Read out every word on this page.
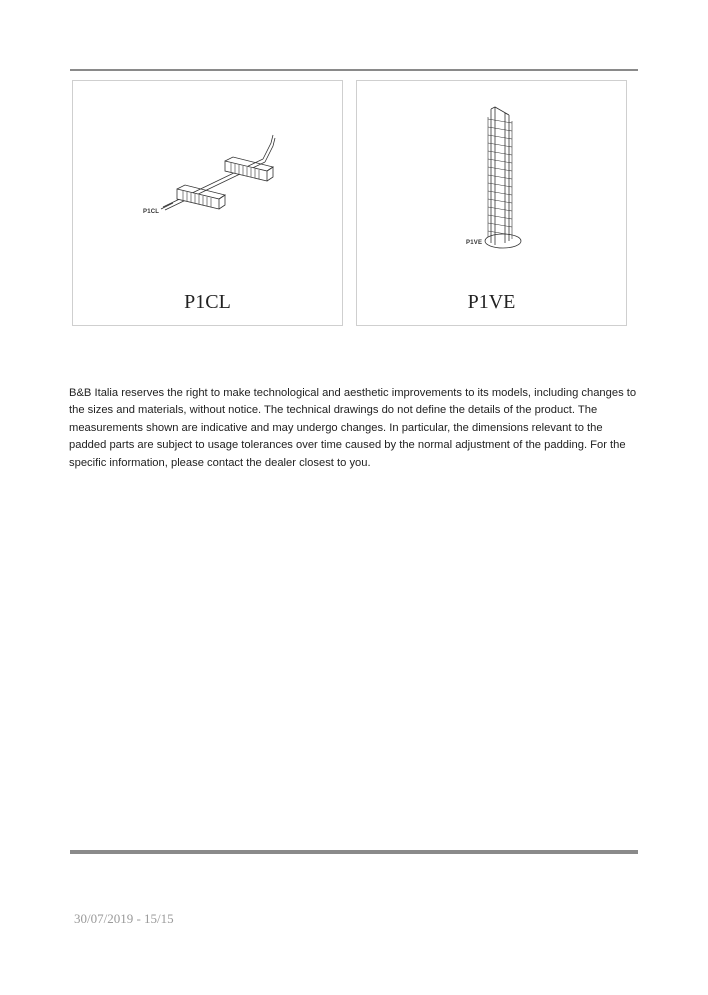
P1CL
P1CL
P1VE
P1VE

B&B Italia reserves the right to make technological and aesthetic improvements to its models, including changes to the sizes and materials, without notice. The technical drawings do not define the details of the product. The measurements shown are indicative and may undergo changes. In particular, the dimensions relevant to the padded parts are subject to usage tolerances over time caused by the normal adjustment of the padding. For the specific information, please contact the dealer closest to you.

30/07/2019 - 15/15
